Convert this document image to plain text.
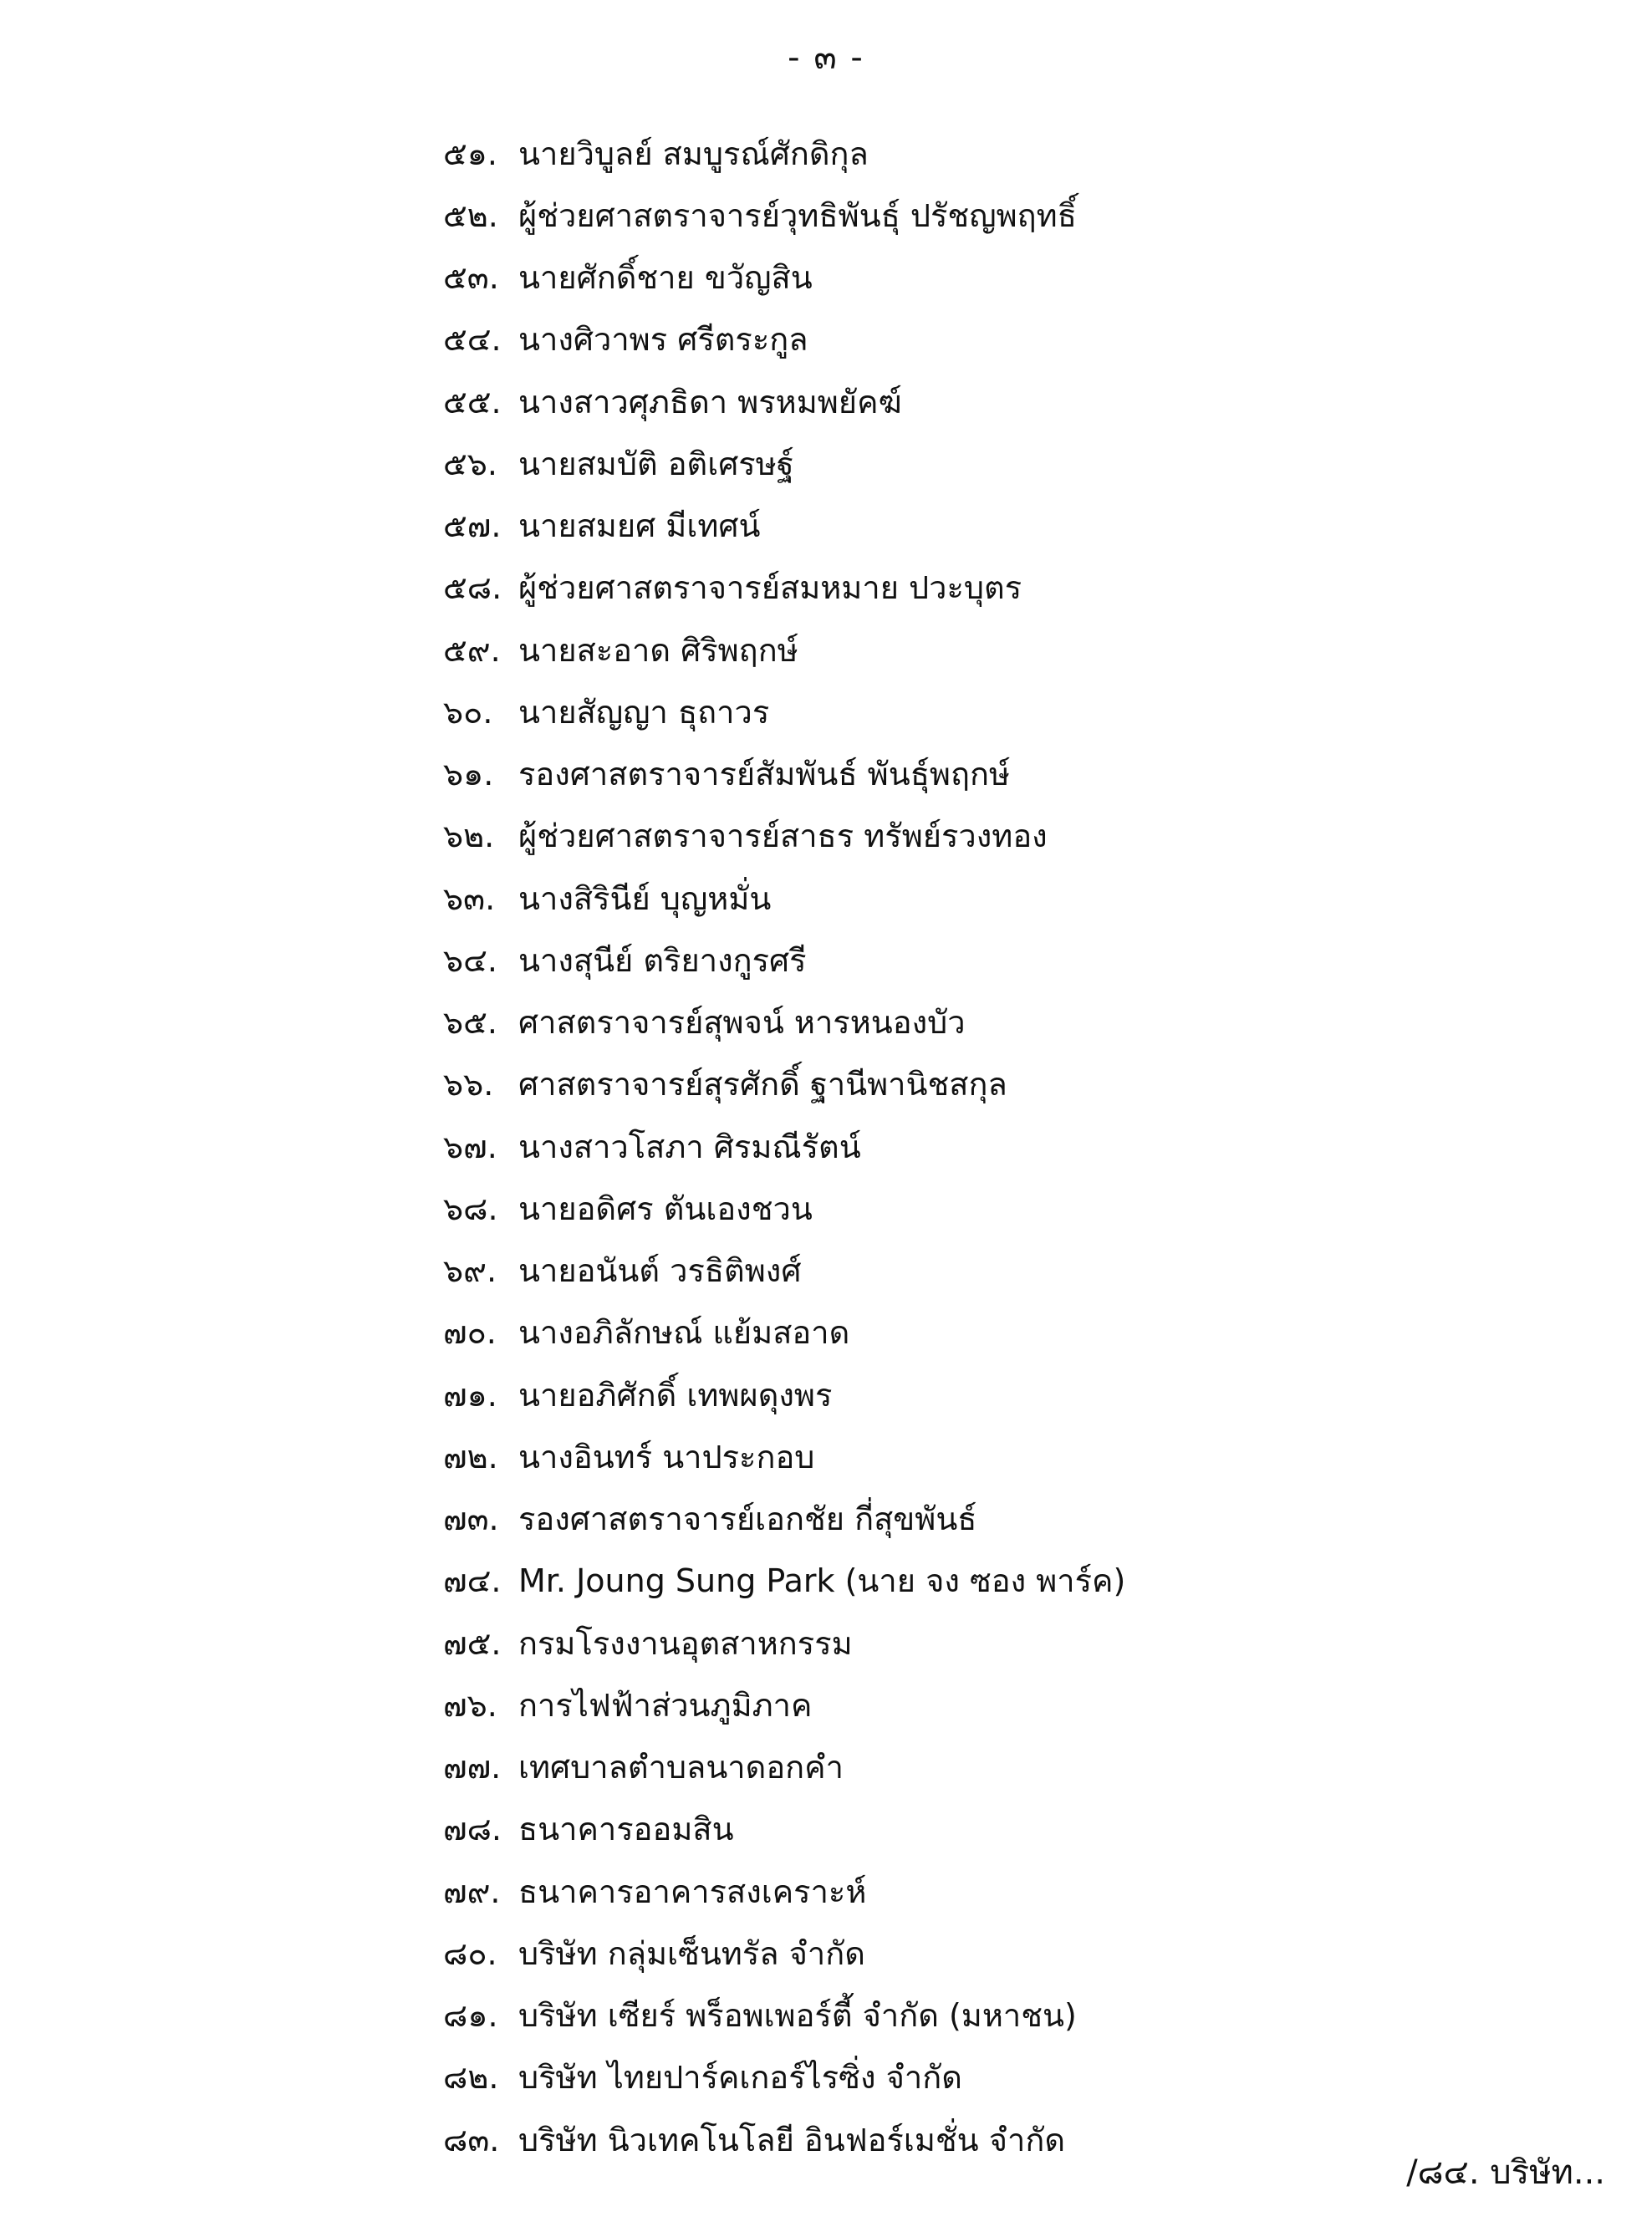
- ๓ -
๕๑. นายวิบูลย์ สมบูรณ์ศักดิกุล
๕๒. ผู้ช่วยศาสตราจารย์วุทธิพันธุ์ ปรัชญพฤทธิ์
๕๓. นายศักดิ์ชาย ขวัญสิน
๕๔. นางศิวาพร ศรีตระกูล
๕๕. นางสาวศุภธิดา พรหมพยัคฆ์
๕๖. นายสมบัติ อติเศรษฐ์
๕๗. นายสมยศ มีเทศน์
๕๘. ผู้ช่วยศาสตราจารย์สมหมาย ปวะบุตร
๕๙. นายสะอาด ศิริพฤกษ์
๖๐. นายสัญญา ธุถาวร
๖๑. รองศาสตราจารย์สัมพันธ์ พันธุ์พฤกษ์
๖๒. ผู้ช่วยศาสตราจารย์สาธร ทรัพย์รวงทอง
๖๓. นางสิรินีย์ บุญหมั่น
๖๔. นางสุนีย์ ตริยางกูรศรี
๖๕. ศาสตราจารย์สุพจน์ หารหนองบัว
๖๖. ศาสตราจารย์สุรศักดิ์ ฐานีพานิชสกุล
๖๗. นางสาวโสภา ศิรมณีรัตน์
๖๘. นายอดิศร ตันเองชวน
๖๙. นายอนันต์ วรธิติพงศ์
๗๐. นางอภิลักษณ์ แย้มสอาด
๗๑. นายอภิศักดิ์ เทพผดุงพร
๗๒. นางอินทร์ นาประกอบ
๗๓. รองศาสตราจารย์เอกชัย กี่สุขพันธ์
๗๔. Mr. Joung Sung Park (นาย จง ซอง พาร์ค)
๗๕. กรมโรงงานอุตสาหกรรม
๗๖. การไฟฟ้าส่วนภูมิภาค
๗๗. เทศบาลตำบลนาดอกคำ
๗๘. ธนาคารออมสิน
๗๙. ธนาคารอาคารสงเคราะห์
๘๐. บริษัท กลุ่มเซ็นทรัล จำกัด
๘๑. บริษัท เซียร์ พร็อพเพอร์ตี้ จำกัด (มหาชน)
๘๒. บริษัท ไทยปาร์คเกอร์ไรซิ่ง จำกัด
๘๓. บริษัท นิวเทคโนโลยี อินฟอร์เมชั่น จำกัด
/๘๔. บริษัท...
